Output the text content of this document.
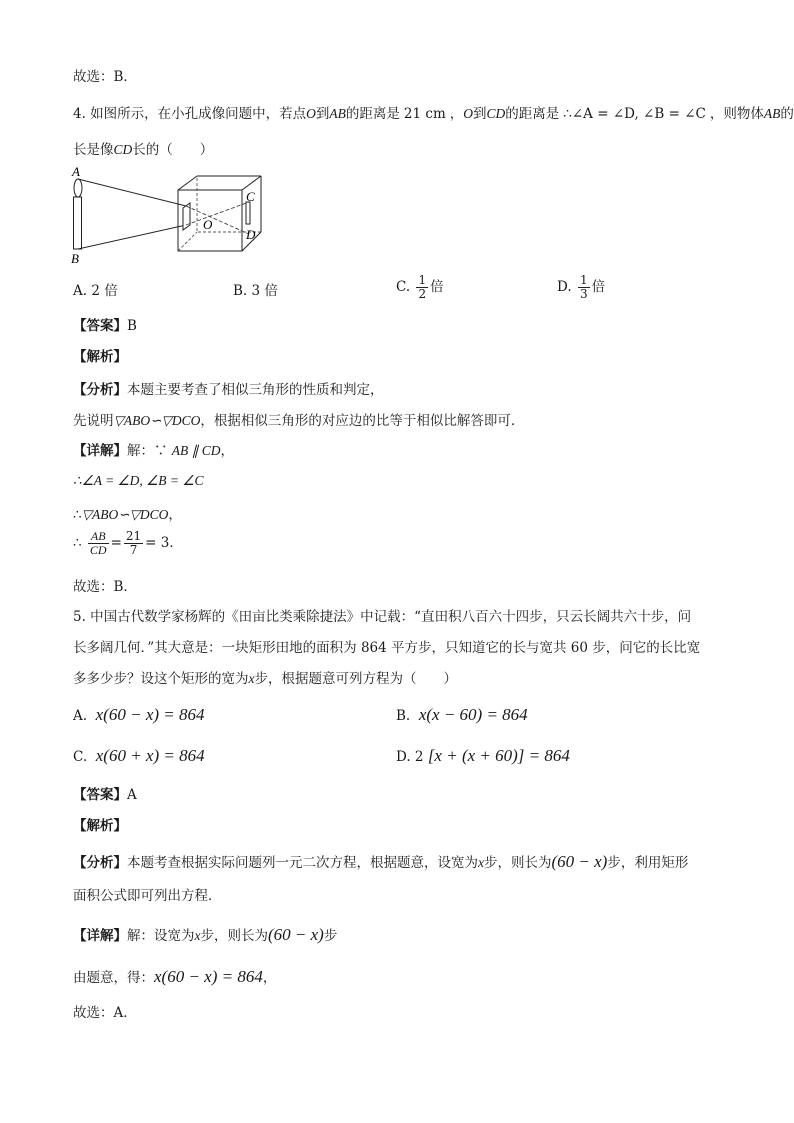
故选：B．
4. 如图所示，在小孔成像问题中，若点O到AB的距离是 21 cm ，O到CD的距离是 ∴∠A = ∠D, ∠B = ∠C ，则物体AB的
长是像CD长的（　　）
A
B
C
D
O
A. 2 倍	B. 3 倍	C. $\frac{1}{2}$ 倍	D. $\frac{1}{3}$ 倍
【答案】B
【解析】
【分析】本题主要考查了相似三角形的性质和判定，
先说明▽ABO∽▽DCO，根据相似三角形的对应边的比等于相似比解答即可．
【详解】解：∵ AB ∥ CD，
∴∠A = ∠D, ∠B = ∠C
∴▽ABO∽▽DCO，
∴ $\frac{AB}{CD} = \frac{21}{7} = 3$．
故选：B．
5. 中国古代数学家杨辉的《田亩比类乘除捷法》中记载：“直田积八百六十四步，只云长阔共六十步，问
长多阔几何．”其大意是：一块矩形田地的面积为 864 平方步，只知道它的长与宽共 60 步，问它的长比宽
多多少步？设这个矩形的宽为x步，根据题意可列方程为（　　）
A. x(60 − x) = 864	B. x(x − 60) = 864
C. x(60 + x) = 864	D. 2 [x + (x + 60)] = 864
【答案】A
【解析】
【分析】本题考查根据实际问题列一元二次方程，根据题意，设宽为x步，则长为(60 − x)步，利用矩形
面积公式即可列出方程．
【详解】解：设宽为x步，则长为(60 − x)步
由题意，得：x(60 − x) = 864，
故选：A．
